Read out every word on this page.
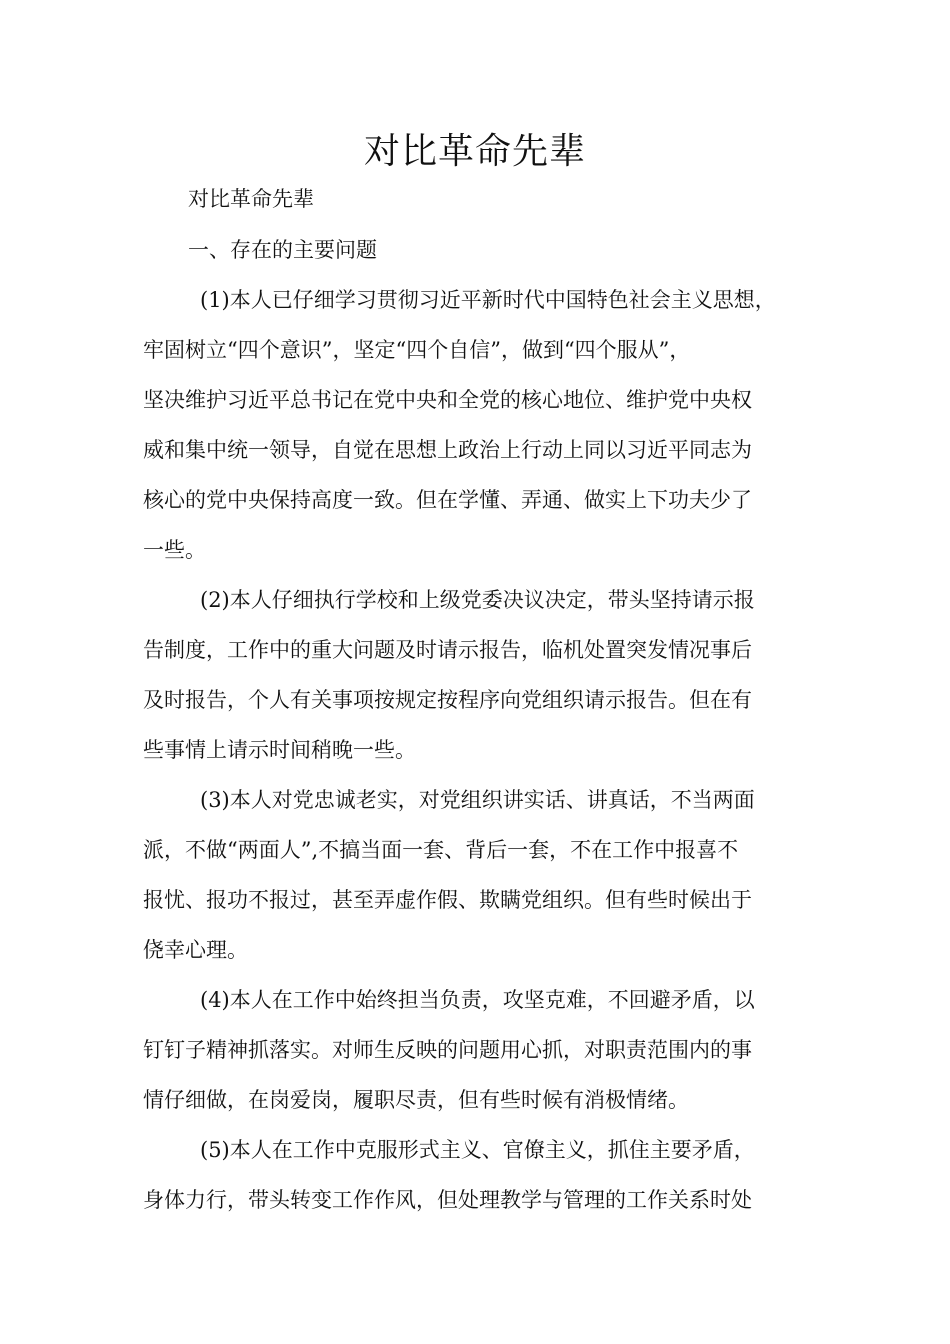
对比革命先辈

对比革命先辈

一、存在的主要问题

(1)本人已仔细学习贯彻习近平新时代中国特色社会主义思想，
牢固树立“四个意识”，坚定“四个自信”，做到“四个服从”，
坚决维护习近平总书记在党中央和全党的核心地位、维护党中央权
威和集中统一领导，自觉在思想上政治上行动上同以习近平同志为
核心的党中央保持高度一致。但在学懂、弄通、做实上下功夫少了
一些。
(2)本人仔细执行学校和上级党委决议决定，带头坚持请示报
告制度，工作中的重大问题及时请示报告，临机处置突发情况事后
及时报告，个人有关事项按规定按程序向党组织请示报告。但在有
些事情上请示时间稍晚一些。
(3)本人对党忠诚老实，对党组织讲实话、讲真话，不当两面
派，不做“两面人”,不搞当面一套、背后一套，不在工作中报喜不
报忧、报功不报过，甚至弄虚作假、欺瞒党组织。但有些时候出于
侥幸心理。
(4)本人在工作中始终担当负责，攻坚克难，不回避矛盾，以
钉钉子精神抓落实。对师生反映的问题用心抓，对职责范围内的事
情仔细做，在岗爱岗，履职尽责，但有些时候有消极情绪。
(5)本人在工作中克服形式主义、官僚主义，抓住主要矛盾，
身体力行，带头转变工作作风，但处理教学与管理的工作关系时处
